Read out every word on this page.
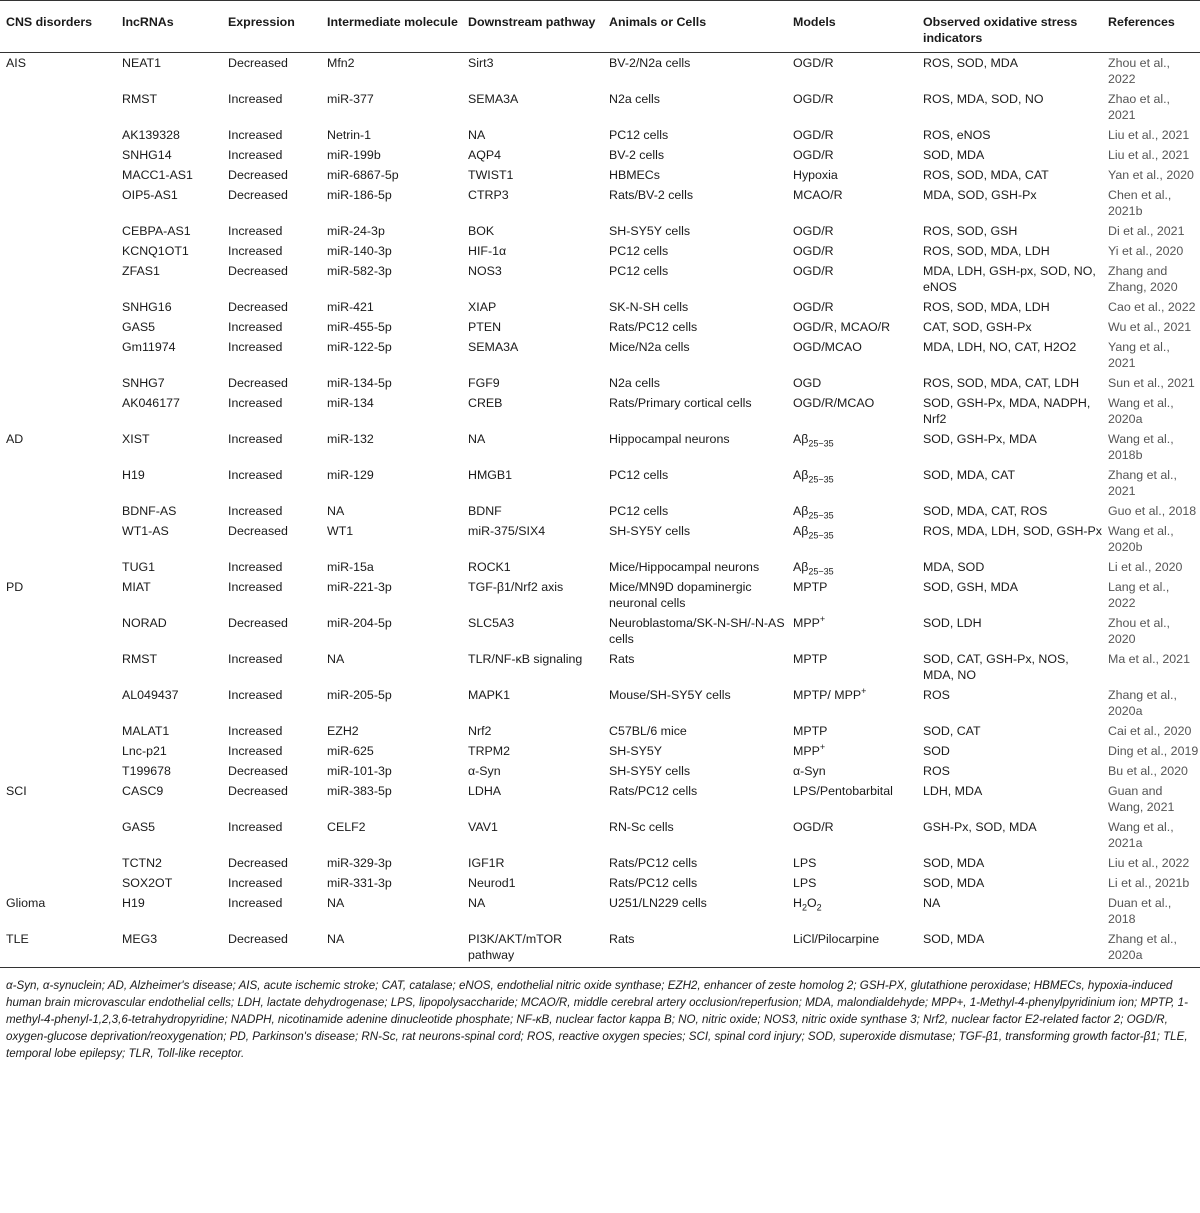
CNS disorders	lncRNAs	Expression	Intermediate molecule	Downstream pathway	Animals or Cells	Models	Observed oxidative stress indicators	References
AIS	NEAT1	Decreased	Mfn2	Sirt3	BV-2/N2a cells	OGD/R	ROS, SOD, MDA	Zhou et al., 2022
	RMST	Increased	miR-377	SEMA3A	N2a cells	OGD/R	ROS, MDA, SOD, NO	Zhao et al., 2021
	AK139328	Increased	Netrin-1	NA	PC12 cells	OGD/R	ROS, eNOS	Liu et al., 2021
	SNHG14	Increased	miR-199b	AQP4	BV-2 cells	OGD/R	SOD, MDA	Liu et al., 2021
	MACC1-AS1	Decreased	miR-6867-5p	TWIST1	HBMECs	Hypoxia	ROS, SOD, MDA, CAT	Yan et al., 2020
	OIP5-AS1	Decreased	miR-186-5p	CTRP3	Rats/BV-2 cells	MCAO/R	MDA, SOD, GSH-Px	Chen et al., 2021b
	CEBPA-AS1	Increased	miR-24-3p	BOK	SH-SY5Y cells	OGD/R	ROS, SOD, GSH	Di et al., 2021
	KCNQ1OT1	Increased	miR-140-3p	HIF-1α	PC12 cells	OGD/R	ROS, SOD, MDA, LDH	Yi et al., 2020
	ZFAS1	Decreased	miR-582-3p	NOS3	PC12 cells	OGD/R	MDA, LDH, GSH-px, SOD, NO, eNOS	Zhang and Zhang, 2020
	SNHG16	Decreased	miR-421	XIAP	SK-N-SH cells	OGD/R	ROS, SOD, MDA, LDH	Cao et al., 2022
	GAS5	Increased	miR-455-5p	PTEN	Rats/PC12 cells	OGD/R, MCAO/R	CAT, SOD, GSH-Px	Wu et al., 2021
	Gm11974	Increased	miR-122-5p	SEMA3A	Mice/N2a cells	OGD/MCAO	MDA, LDH, NO, CAT, H2O2	Yang et al., 2021
	SNHG7	Decreased	miR-134-5p	FGF9	N2a cells	OGD	ROS, SOD, MDA, CAT, LDH	Sun et al., 2021
	AK046177	Increased	miR-134	CREB	Rats/Primary cortical cells	OGD/R/MCAO	SOD, GSH-Px, MDA, NADPH, Nrf2	Wang et al., 2020a
AD	XIST	Increased	miR-132	NA	Hippocampal neurons	$A\beta_{25-35}$	SOD, GSH-Px, MDA	Wang et al., 2018b
	H19	Increased	miR-129	HMGB1	PC12 cells	$A\beta_{25-35}$	SOD, MDA, CAT	Zhang et al., 2021
	BDNF-AS	Increased	NA	BDNF	PC12 cells	$A\beta_{25-35}$	SOD, MDA, CAT, ROS	Guo et al., 2018
	WT1-AS	Decreased	WT1	miR-375/SIX4	SH-SY5Y cells	$A\beta_{25-35}$	ROS, MDA, LDH, SOD, GSH-Px	Wang et al., 2020b
	TUG1	Increased	miR-15a	ROCK1	Mice/Hippocampal neurons	$A\beta_{25-35}$	MDA, SOD	Li et al., 2020
PD	MIAT	Increased	miR-221-3p	TGF-β1/Nrf2 axis	Mice/MN9D dopaminergic neuronal cells	MPTP	SOD, GSH, MDA	Lang et al., 2022
	NORAD	Decreased	miR-204-5p	SLC5A3	Neuroblastoma/SK-N-SH/-N-AS cells	MPP+	SOD, LDH	Zhou et al., 2020
	RMST	Increased	NA	TLR/NF-κB signaling	Rats	MPTP	SOD, CAT, GSH-Px, NOS, MDA, NO	Ma et al., 2021
	AL049437	Increased	miR-205-5p	MAPK1	Mouse/SH-SY5Y cells	MPTP/ MPP+	ROS	Zhang et al., 2020a
	MALAT1	Increased	EZH2	Nrf2	C57BL/6 mice	MPTP	SOD, CAT	Cai et al., 2020
	Lnc-p21	Increased	miR-625	TRPM2	SH-SY5Y	MPP+	SOD	Ding et al., 2019
	T199678	Decreased	miR-101-3p	α-Syn	SH-SY5Y cells	α-Syn	ROS	Bu et al., 2020
SCI	CASC9	Decreased	miR-383-5p	LDHA	Rats/PC12 cells	LPS/Pentobarbital	LDH, MDA	Guan and Wang, 2021
	GAS5	Increased	CELF2	VAV1	RN-Sc cells	OGD/R	GSH-Px, SOD, MDA	Wang et al., 2021a
	TCTN2	Decreased	miR-329-3p	IGF1R	Rats/PC12 cells	LPS	SOD, MDA	Liu et al., 2022
	SOX2OT	Increased	miR-331-3p	Neurod1	Rats/PC12 cells	LPS	SOD, MDA	Li et al., 2021b
Glioma	H19	Increased	NA	NA	U251/LN229 cells	$H_2O_2$	NA	Duan et al., 2018
TLE	MEG3	Decreased	NA	PI3K/AKT/mTOR pathway	Rats	LiCl/Pilocarpine	SOD, MDA	Zhang et al., 2020a
α-Syn, α-synuclein; AD, Alzheimer's disease; AIS, acute ischemic stroke; CAT, catalase; eNOS, endothelial nitric oxide synthase; EZH2, enhancer of zeste homolog 2; GSH-PX, glutathione peroxidase; HBMECs, hypoxia-induced human brain microvascular endothelial cells; LDH, lactate dehydrogenase; LPS, lipopolysaccharide; MCAO/R, middle cerebral artery occlusion/reperfusion; MDA, malondialdehyde; MPP+, 1-Methyl-4-phenylpyridinium ion; MPTP, 1-methyl-4-phenyl-1,2,3,6-tetrahydropyridine; NADPH, nicotinamide adenine dinucleotide phosphate; NF-κB, nuclear factor kappa B; NO, nitric oxide; NOS3, nitric oxide synthase 3; Nrf2, nuclear factor E2-related factor 2; OGD/R, oxygen-glucose deprivation/reoxygenation; PD, Parkinson's disease; RN-Sc, rat neurons-spinal cord; ROS, reactive oxygen species; SCI, spinal cord injury; SOD, superoxide dismutase; TGF-β1, transforming growth factor-β1; TLE, temporal lobe epilepsy; TLR, Toll-like receptor.
